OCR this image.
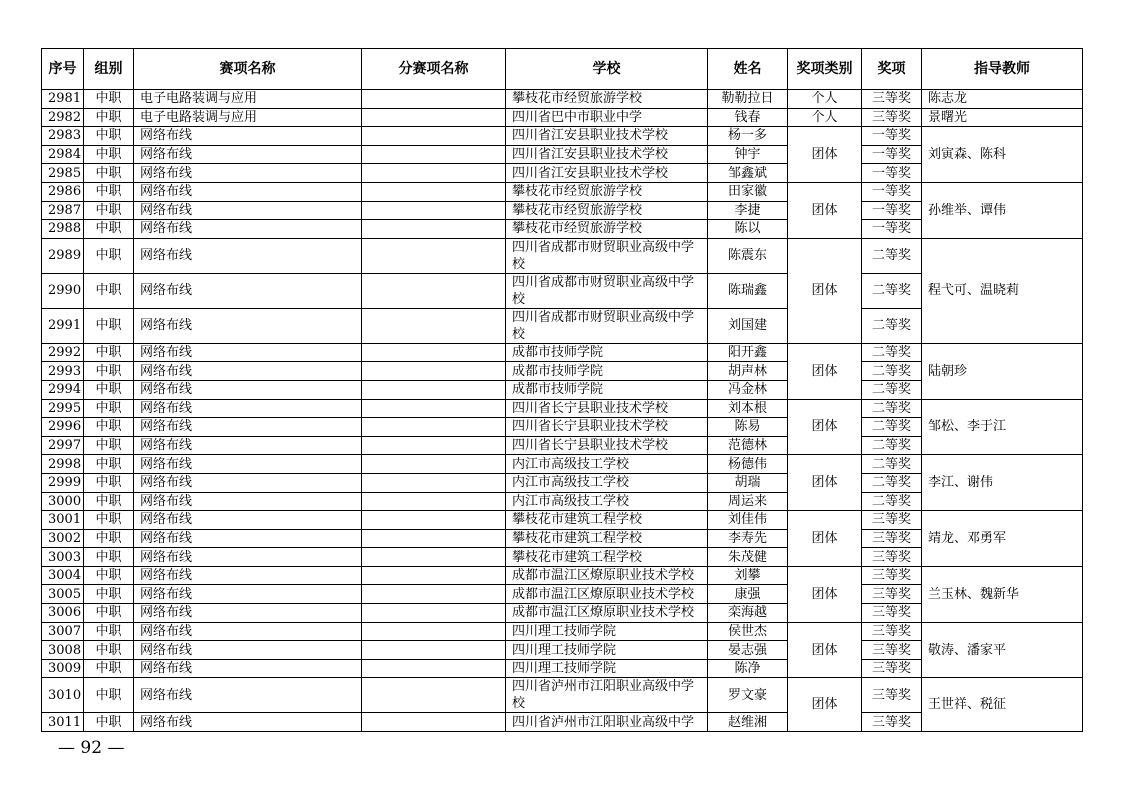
序号	组别	赛项名称	分赛项名称	学校	姓名	奖项类别	奖项	指导教师
2981	中职	电子电路装调与应用		攀枝花市经贸旅游学校	勒勒拉日	个人	三等奖	陈志龙
2982	中职	电子电路装调与应用		四川省巴中市职业中学	钱春	个人	三等奖	景曙光
2983	中职	网络布线		四川省江安县职业技术学校	杨一多	团体	一等奖	刘寅森、陈科
2984	中职	网络布线		四川省江安县职业技术学校	钟宇		一等奖	
2985	中职	网络布线		四川省江安县职业技术学校	邹鑫斌		一等奖	
2986	中职	网络布线		攀枝花市经贸旅游学校	田家徽	团体	一等奖	孙维举、谭伟
2987	中职	网络布线		攀枝花市经贸旅游学校	李捷		一等奖	
2988	中职	网络布线		攀枝花市经贸旅游学校	陈以		一等奖	
2989	中职	网络布线		四川省成都市财贸职业高级中学校	陈震东	团体	二等奖	程弋可、温晓莉
2990	中职	网络布线		四川省成都市财贸职业高级中学校	陈瑞鑫		二等奖	
2991	中职	网络布线		四川省成都市财贸职业高级中学校	刘国建		二等奖	
2992	中职	网络布线		成都市技师学院	阳开鑫	团体	二等奖	陆朝珍
2993	中职	网络布线		成都市技师学院	胡声林		二等奖	
2994	中职	网络布线		成都市技师学院	冯金林		二等奖	
2995	中职	网络布线		四川省长宁县职业技术学校	刘本根	团体	二等奖	邹松、李于江
2996	中职	网络布线		四川省长宁县职业技术学校	陈易		二等奖	
2997	中职	网络布线		四川省长宁县职业技术学校	范德林		二等奖	
2998	中职	网络布线		内江市高级技工学校	杨德伟	团体	二等奖	李江、谢伟
2999	中职	网络布线		内江市高级技工学校	胡瑞		二等奖	
3000	中职	网络布线		内江市高级技工学校	周运来		二等奖	
3001	中职	网络布线		攀枝花市建筑工程学校	刘佳伟	团体	三等奖	靖龙、邓勇军
3002	中职	网络布线		攀枝花市建筑工程学校	李寿先		三等奖	
3003	中职	网络布线		攀枝花市建筑工程学校	朱茂健		三等奖	
3004	中职	网络布线		成都市温江区燎原职业技术学校	刘攀	团体	三等奖	兰玉林、魏新华
3005	中职	网络布线		成都市温江区燎原职业技术学校	康强		三等奖	
3006	中职	网络布线		成都市温江区燎原职业技术学校	栾海越		三等奖	
3007	中职	网络布线		四川理工技师学院	侯世杰	团体	三等奖	敬涛、潘家平
3008	中职	网络布线		四川理工技师学院	晏志强		三等奖	
3009	中职	网络布线		四川理工技师学院	陈净		三等奖	
3010	中职	网络布线		四川省泸州市江阳职业高级中学校	罗文豪	团体	三等奖	王世祥、税征
3011	中职	网络布线		四川省泸州市江阳职业高级中学	赵维湘		三等奖	
— 92 —
